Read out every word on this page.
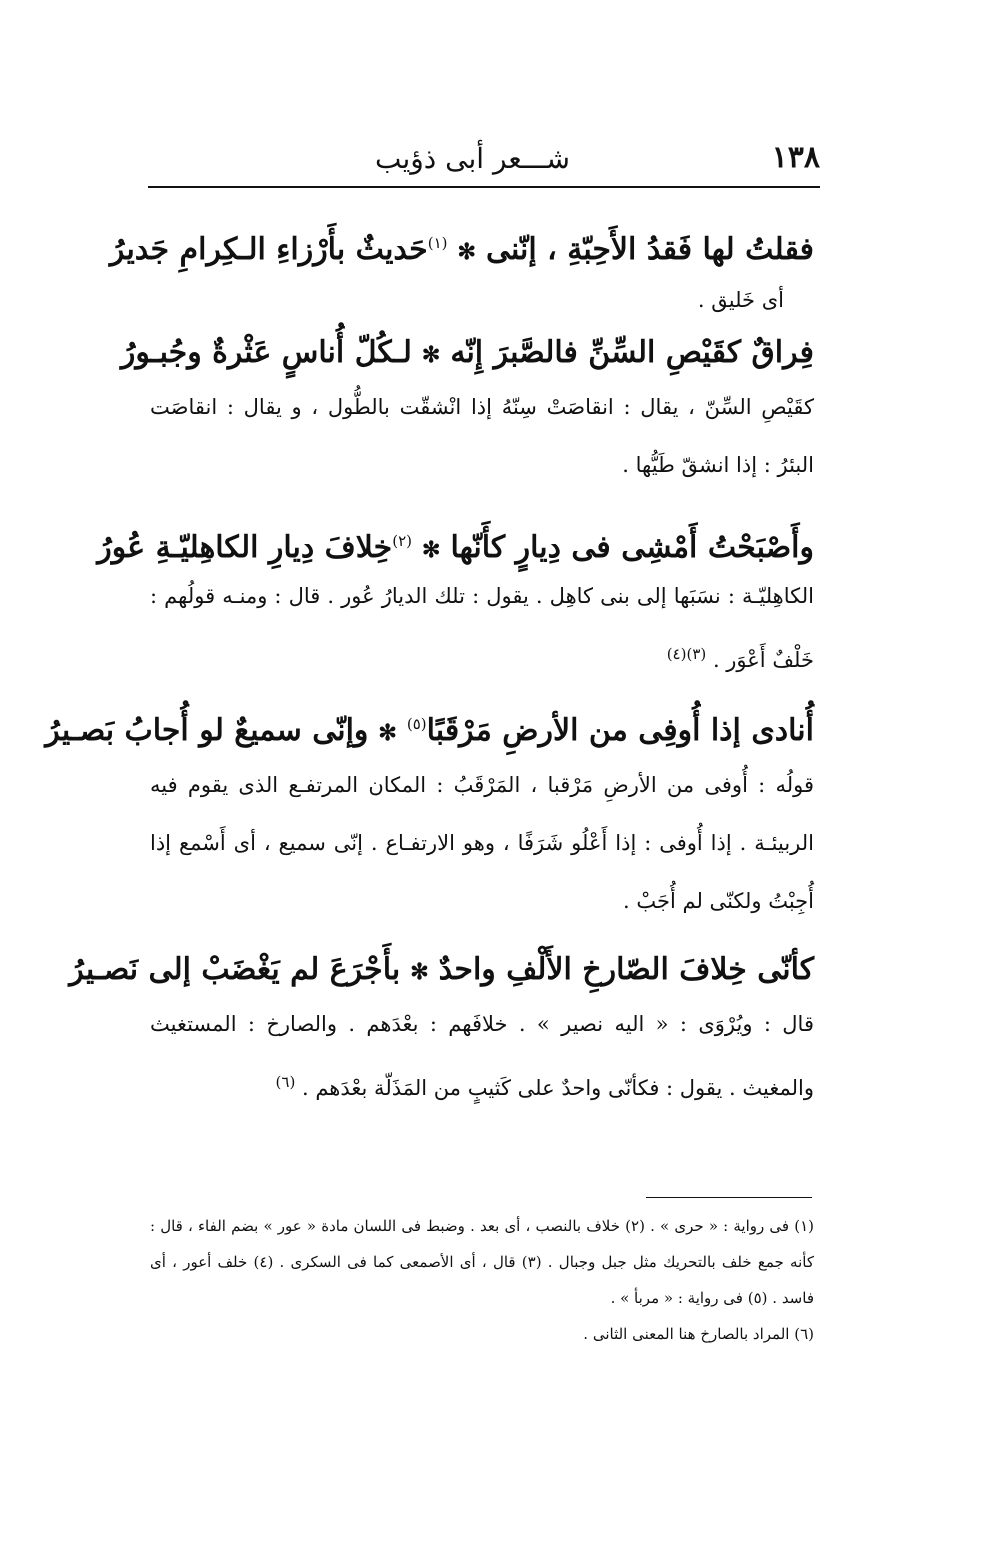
١٣٨
شـــعر أبى ذؤيب
فقلتُ لها فَقدُ الأَحِبّةِ ، إنّنى
✻
$^{(١)}$حَديثٌ بأَرْزاءِ الـكِرامِ جَديرُ

أى خَليق .

فِراقٌ كقَيْصِ السِّنِّ فالصَّبرَ إِنّه
✻
لـكُلّ أُناسٍ عَثْرةٌ وجُبـورُ

كقَيْصِ السِّنّ ، يقال : انقاصَتْ سِنّهُ إذا انْشقّت بالطُّول ، و يقال : انقاصَت البئرُ : إذا انشقّ طَيُّها .

وأَصْبَحْتُ أَمْشِى فى دِيارٍ كأَنّها
✻
$^{(٢)}$خِلافَ دِيارِ الكاهِليّـةِ عُورُ

الكاهِليّـة : نسَبَها إلى بنى كاهِل . يقول : تلك الديارُ عُور . قال : ومنـه قولُهم : خَلْفٌ أَعْوَر . $^{(٣)(٤)}$

أُنادى إذا أُوفِى من الأرضِ مَرْقَبًا$^{(٥)}$
✻
وإنّى سميعٌ لو أُجابُ بَصـيرُ

قولُه : أُوفى من الأرضِ مَرْقبا ، المَرْقَبُ : المكان المرتفـع الذى يقوم فيه الربيئـة . إذا أُوفى : إذا أَعْلُو شَرَفًا ، وهو الارتفـاع . إنّى سميع ، أى أَسْمع إذا أُجِبْتُ ولكنّى لم أُجَبْ .

كأنّى خِلافَ الصّارخِ الأَلْفِ واحدٌ
✻
بأَجْرَعَ لم يَغْضَبْ إلى نَصـيرُ

قال : ويُرْوَى : « اليه نصير » . خلافَهم : بعْدَهم . والصارخ : المستغيث والمغيث . يقول : فكأنّى واحدٌ على كَثيبٍ من المَذَلّة بعْدَهم . $^{(٦)}$

(١) فى رواية : « حرى » . (٢) خلاف بالنصب ، أى بعد . وضبط فى اللسان مادة « عور » بضم الفاء ، قال : كأنه جمع خلف بالتحريك مثل جبل وجبال . (٣) قال ، أى الأصمعى كما فى السكرى . (٤) خلف أعور ، أى فاسد . (٥) فى رواية : « مربأ » .

(٦) المراد بالصارخ هنا المعنى الثانى .
